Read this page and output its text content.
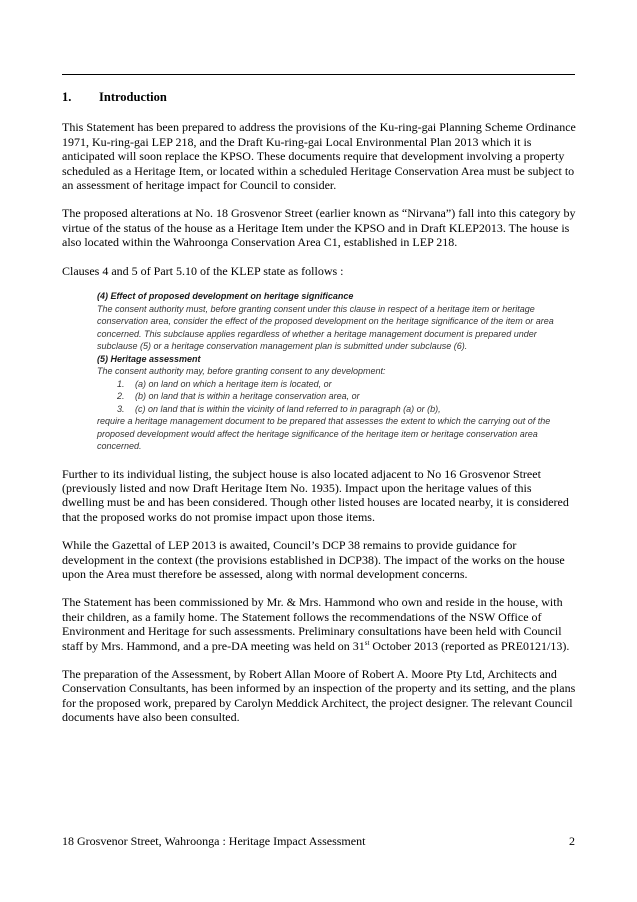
1. Introduction

This Statement has been prepared to address the provisions of the Ku-ring-gai Planning Scheme Ordinance 1971, Ku-ring-gai LEP 218, and the Draft Ku-ring-gai Local Environmental Plan 2013 which it is anticipated will soon replace the KPSO. These documents require that development involving a property scheduled as a Heritage Item, or located within a scheduled Heritage Conservation Area must be subject to an assessment of heritage impact for Council to consider.

The proposed alterations at No. 18 Grosvenor Street (earlier known as “Nirvana”) fall into this category by virtue of the status of the house as a Heritage Item under the KPSO and in Draft KLEP2013. The house is also located within the Wahroonga Conservation Area C1, established in LEP 218.

Clauses 4 and 5 of Part 5.10 of the KLEP state as follows :

(4) Effect of proposed development on heritage significance
The consent authority must, before granting consent under this clause in respect of a heritage item or heritage conservation area, consider the effect of the proposed development on the heritage significance of the item or area concerned. This subclause applies regardless of whether a heritage management document is prepared under subclause (5) or a heritage conservation management plan is submitted under subclause (6).
(5) Heritage assessment
The consent authority may, before granting consent to any development:
1. (a) on land on which a heritage item is located, or
2. (b) on land that is within a heritage conservation area, or
3. (c) on land that is within the vicinity of land referred to in paragraph (a) or (b),
require a heritage management document to be prepared that assesses the extent to which the carrying out of the proposed development would affect the heritage significance of the heritage item or heritage conservation area concerned.

Further to its individual listing, the subject house is also located adjacent to No 16 Grosvenor Street (previously listed and now Draft Heritage Item No. 1935). Impact upon the heritage values of this dwelling must be and has been considered. Though other listed houses are located nearby, it is considered that the proposed works do not promise impact upon those items.

While the Gazettal of LEP 2013 is awaited, Council’s DCP 38 remains to provide guidance for development in the context (the provisions established in DCP38). The impact of the works on the house upon the Area must therefore be assessed, along with normal development concerns.

The Statement has been commissioned by Mr. & Mrs. Hammond who own and reside in the house, with their children, as a family home. The Statement follows the recommendations of the NSW Office of Environment and Heritage for such assessments. Preliminary consultations have been held with Council staff by Mrs. Hammond, and a pre-DA meeting was held on 31st October 2013 (reported as PRE0121/13).

The preparation of the Assessment, by Robert Allan Moore of Robert A. Moore Pty Ltd, Architects and Conservation Consultants, has been informed by an inspection of the property and its setting, and the plans for the proposed work, prepared by Carolyn Meddick Architect, the project designer. The relevant Council documents have also been consulted.

18 Grosvenor Street, Wahroonga : Heritage Impact Assessment	2
